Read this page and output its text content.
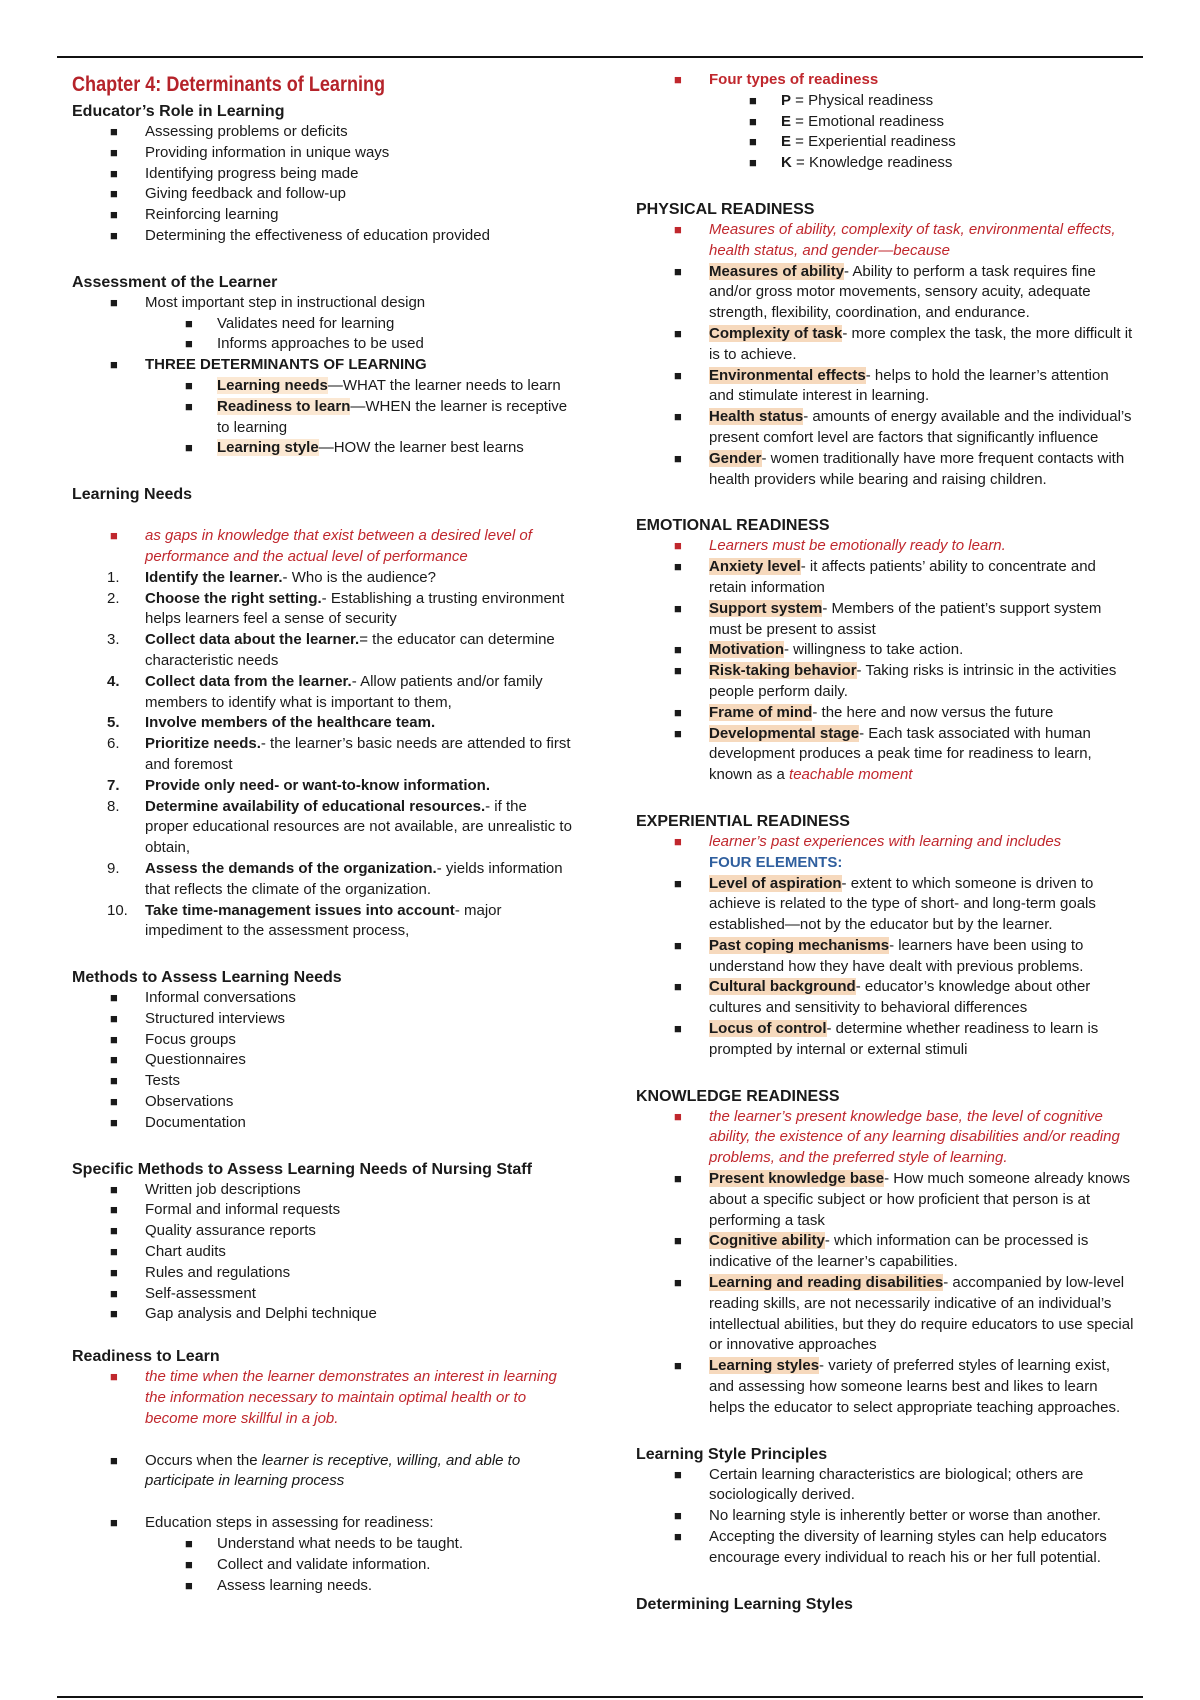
Chapter 4: Determinants of Learning
Educator’s Role in Learning
■ Assessing problems or deficits
■ Providing information in unique ways
■ Identifying progress being made
■ Giving feedback and follow-up
■ Reinforcing learning
■ Determining the effectiveness of education provided
Assessment of the Learner
■ Most important step in instructional design
■ Validates need for learning
■ Informs approaches to be used
■ THREE DETERMINANTS OF LEARNING
■ Learning needs—WHAT the learner needs to learn
■ Readiness to learn—WHEN the learner is receptive to learning
■ Learning style—HOW the learner best learns
Learning Needs
■ as gaps in knowledge that exist between a desired level of performance and the actual level of performance
1.	Identify the learner.- Who is the audience?
2.	Choose the right setting.- Establishing a trusting environment helps learners feel a sense of security
3.	Collect data about the learner.= the educator can determine characteristic needs
4.	Collect data from the learner.- Allow patients and/or family members to identify what is important to them,
5.	Involve members of the healthcare team.
6.	Prioritize needs.- the learner’s basic needs are attended to first and foremost
7.	Provide only need- or want-to-know information.
8.	Determine availability of educational resources.- if the proper educational resources are not available, are unrealistic to obtain,
9.	Assess the demands of the organization.- yields information that reflects the climate of the organization.
10. Take time-management issues into account- major impediment to the assessment process,
Methods to Assess Learning Needs
■ Informal conversations
■ Structured interviews
■ Focus groups
■ Questionnaires
■ Tests
■ Observations
■ Documentation
Specific Methods to Assess Learning Needs of Nursing Staff
■ Written job descriptions
■ Formal and informal requests
■ Quality assurance reports
■ Chart audits
■ Rules and regulations
■ Self-assessment
■ Gap analysis and Delphi technique
Readiness to Learn
■ the time when the learner demonstrates an interest in learning the information necessary to maintain optimal health or to become more skillful in a job.
■ Occurs when the learner is receptive, willing, and able to participate in learning process
■ Education steps in assessing for readiness:
■ Understand what needs to be taught.
■ Collect and validate information.
■ Assess learning needs.
■ Four types of readiness
■ P = Physical readiness
■ E = Emotional readiness
■ E = Experiential readiness
■ K = Knowledge readiness
PHYSICAL READINESS
■ Measures of ability, complexity of task, environmental effects, health status, and gender—because
■ Measures of ability- Ability to perform a task requires fine and/or gross motor movements, sensory acuity, adequate strength, flexibility, coordination, and endurance.
■ Complexity of task- more complex the task, the more difficult it is to achieve.
■ Environmental effects- helps to hold the learner’s attention and stimulate interest in learning.
■ Health status- amounts of energy available and the individual’s present comfort level are factors that significantly influence
■ Gender- women traditionally have more frequent contacts with health providers while bearing and raising children.
EMOTIONAL READINESS
■ Learners must be emotionally ready to learn.
■ Anxiety level- it affects patients’ ability to concentrate and retain information
■ Support system- Members of the patient’s support system must be present to assist
■ Motivation- willingness to take action.
■ Risk-taking behavior- Taking risks is intrinsic in the activities people perform daily.
■ Frame of mind- the here and now versus the future
■ Developmental stage- Each task associated with human development produces a peak time for readiness to learn, known as a teachable moment
EXPERIENTIAL READINESS
■ learner’s past experiences with learning and includes
FOUR ELEMENTS:
■ Level of aspiration- extent to which someone is driven to achieve is related to the type of short- and long-term goals established—not by the educator but by the learner.
■ Past coping mechanisms- learners have been using to understand how they have dealt with previous problems.
■ Cultural background- educator’s knowledge about other cultures and sensitivity to behavioral differences
■ Locus of control- determine whether readiness to learn is prompted by internal or external stimuli
KNOWLEDGE READINESS
■ the learner’s present knowledge base, the level of cognitive ability, the existence of any learning disabilities and/or reading problems, and the preferred style of learning.
■ Present knowledge base- How much someone already knows about a specific subject or how proficient that person is at performing a task
■ Cognitive ability- which information can be processed is indicative of the learner’s capabilities.
■ Learning and reading disabilities- accompanied by low-level reading skills, are not necessarily indicative of an individual’s intellectual abilities, but they do require educators to use special or innovative approaches
■ Learning styles- variety of preferred styles of learning exist, and assessing how someone learns best and likes to learn helps the educator to select appropriate teaching approaches.
Learning Style Principles
■ Certain learning characteristics are biological; others are sociologically derived.
■ No learning style is inherently better or worse than another.
■ Accepting the diversity of learning styles can help educators encourage every individual to reach his or her full potential.
Determining Learning Styles
